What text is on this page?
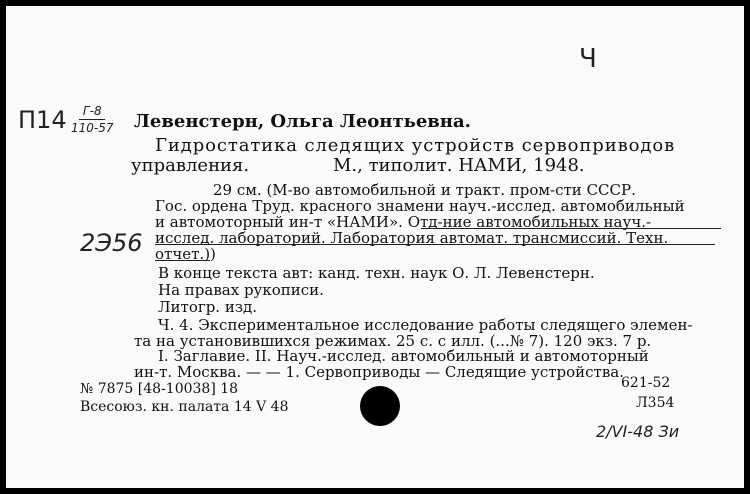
Ч
П14 Г-8
110-57 Левенстерн, Ольга Леонтьевна.
Гидростатика следящих устройств сервоприводов
управления.	М., типолит. НАМИ, 1948.
29 см. (М-во автомобильной и тракт. пром-сти СССР.
Гос. ордена Труд. красного знамени науч.-исслед. автомобильный
и автомоторный ин-т «НАМИ». Отд-ние автомобильных науч.-
исслед. лабораторий. Лаборатория автомат. трансмиссий. Техн.
отчет.))
2Э56
В конце текста авт: канд. техн. наук О. Л. Левенстерн.
На правах рукописи.
Литогр. изд.
Ч. 4. Экспериментальное исследование работы следящего элемен-
та на установившихся режимах. 25 с. с илл. (...№ 7). 120 экз. 7 р.
I. Заглавие. II. Науч.-исслед. автомобильный и автомоторный
ин-т. Москва. — — 1. Сервоприводы — Следящие устройства.
№ 7875 [48-10038] 18	621-52
Всесоюз. кн. палата 14 V 48	Л354
2/VI-48 Зи
